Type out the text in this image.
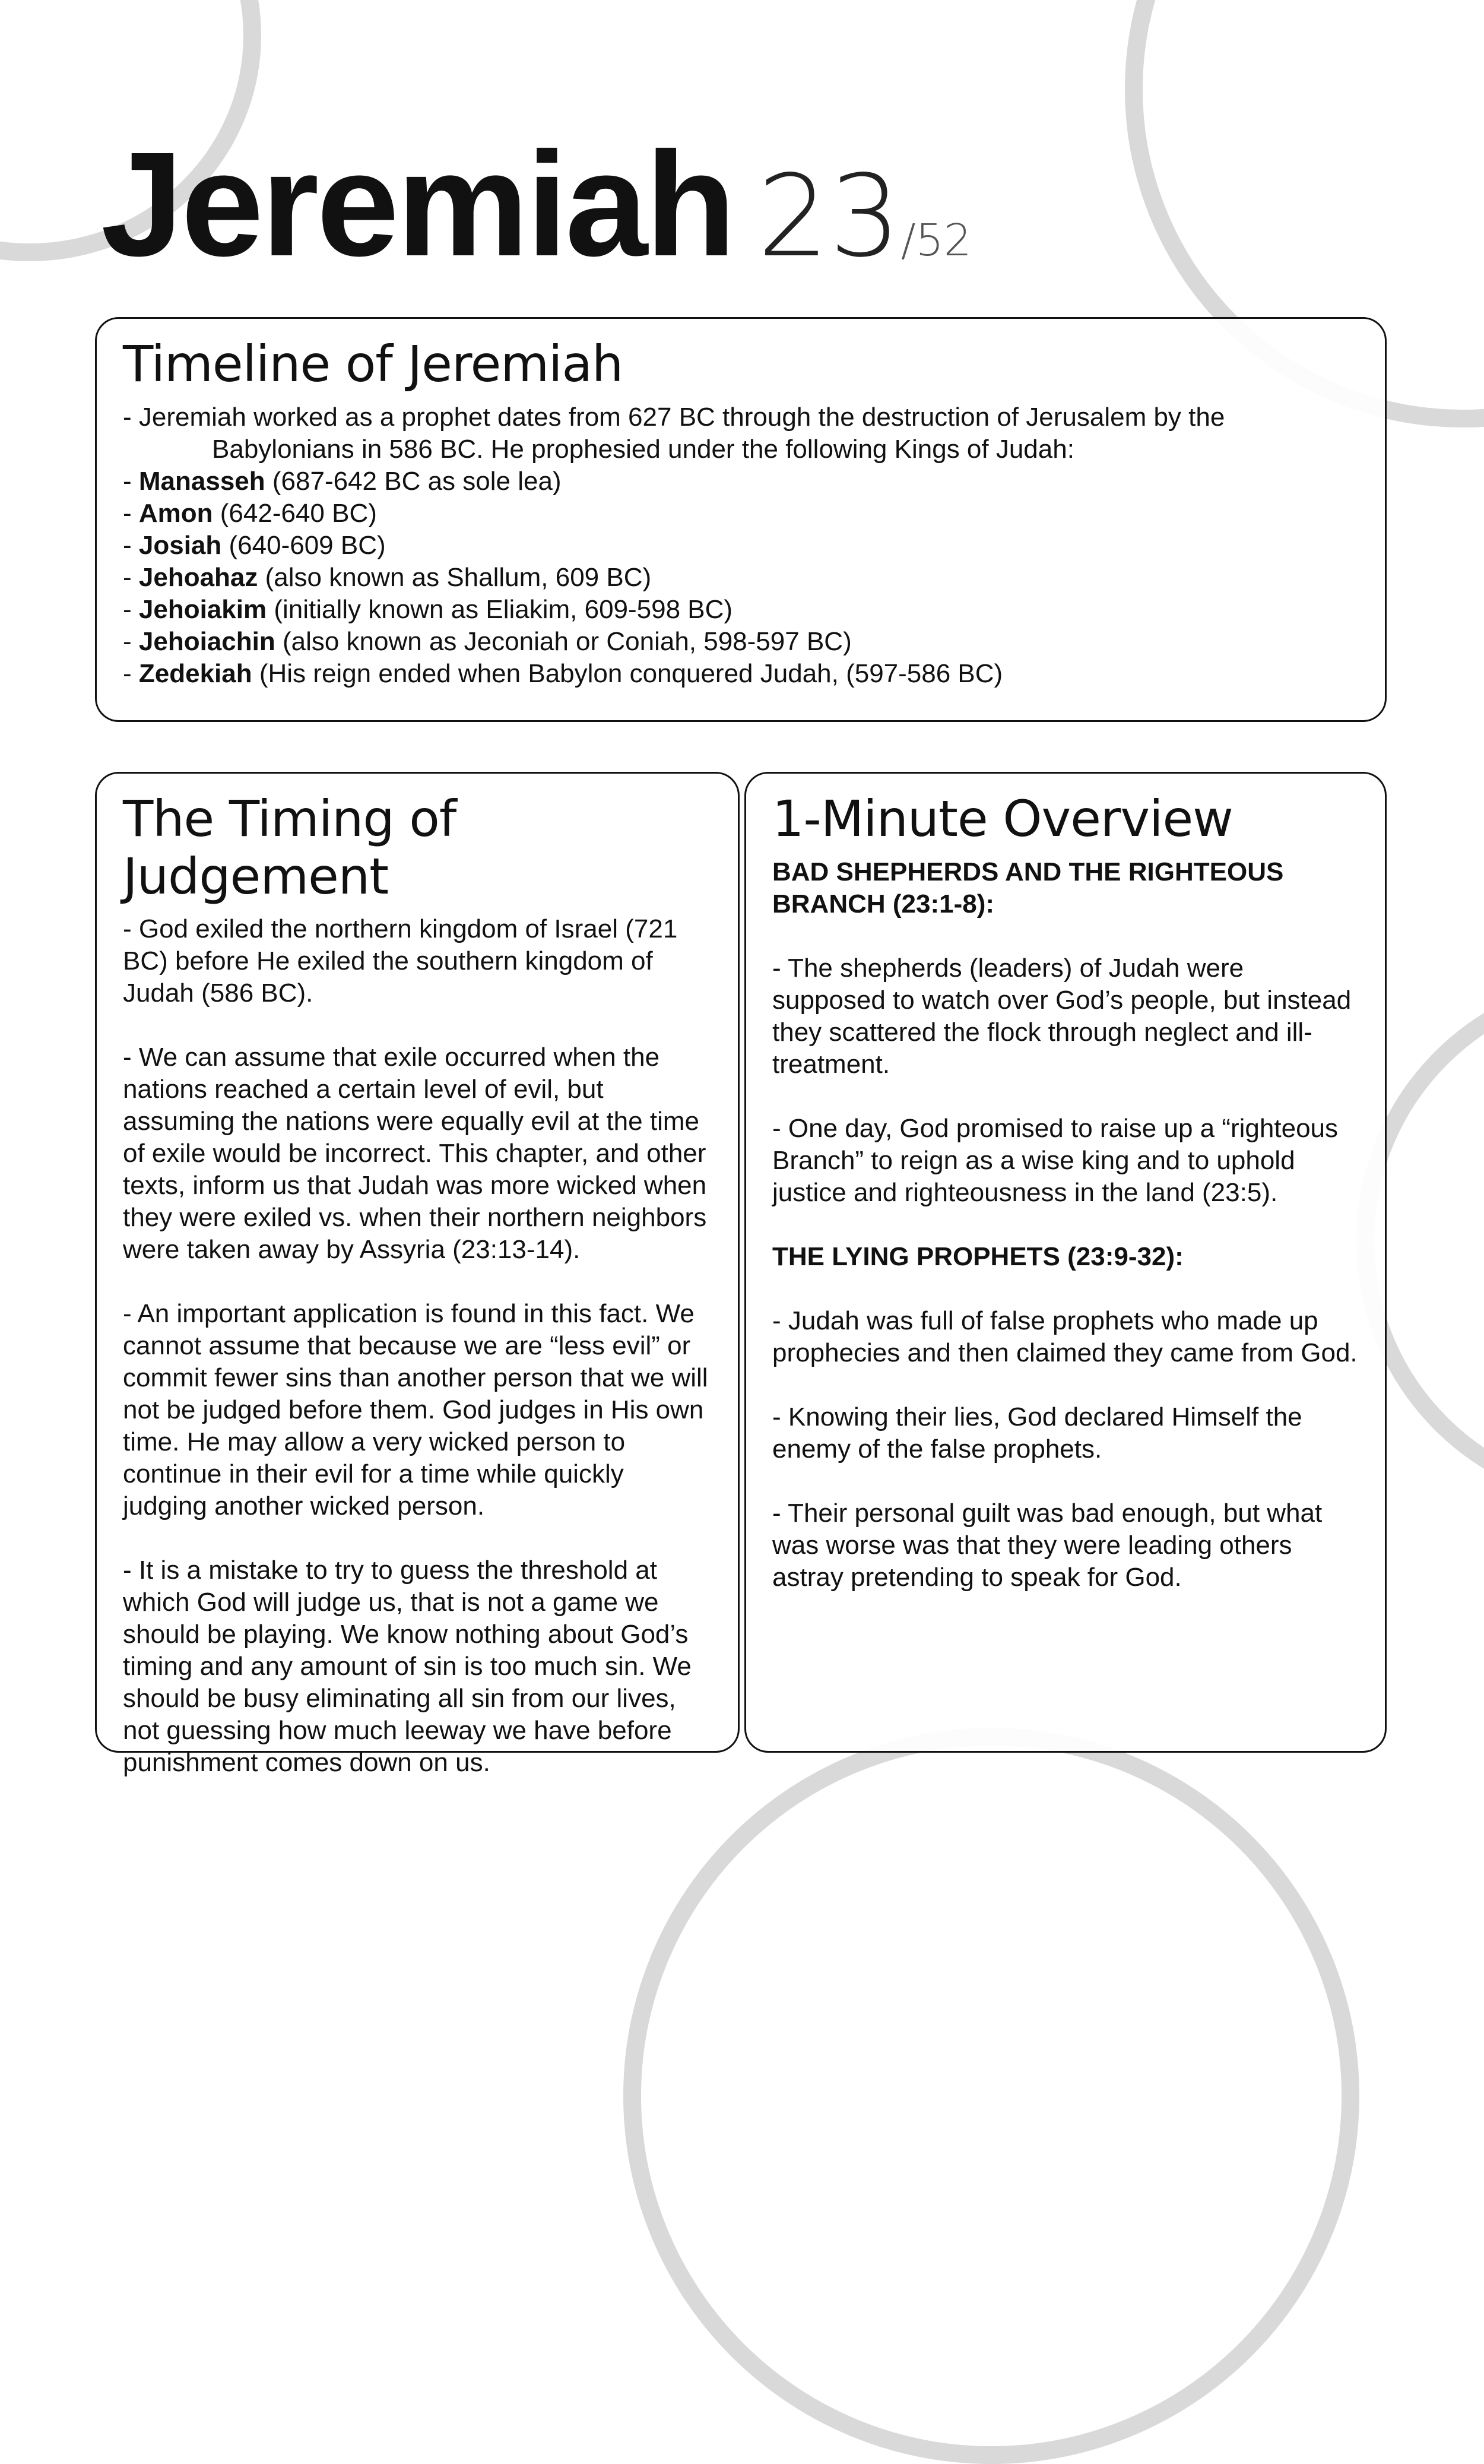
Jeremiah 23/52
Timeline of Jeremiah

- Jeremiah worked as a prophet dates from 627 BC through the destruction of Jerusalem by the

Babylonians in 586 BC. He prophesied under the following Kings of Judah:

- Manasseh (687-642 BC as sole lea)

- Amon (642-640 BC)

- Josiah (640-609 BC)

- Jehoahaz (also known as Shallum, 609 BC)

- Jehoiakim (initially known as Eliakim, 609-598 BC)

- Jehoiachin (also known as Jeconiah or Coniah, 598-597 BC)

- Zedekiah (His reign ended when Babylon conquered Judah, (597-586 BC)

The Timing of Judgement

- God exiled the northern kingdom of Israel (721 BC) before He exiled the southern kingdom of Judah (586 BC).

- We can assume that exile occurred when the nations reached a certain level of evil, but assuming the nations were equally evil at the time of exile would be incorrect. This chapter, and other texts, inform us that Judah was more wicked when they were exiled vs. when their northern neighbors were taken away by Assyria (23:13-14).

- An important application is found in this fact. We cannot assume that because we are “less evil” or commit fewer sins than another person that we will not be judged before them. God judges in His own time. He may allow a very wicked person to continue in their evil for a time while quickly judging another wicked person.

- It is a mistake to try to guess the threshold at which God will judge us, that is not a game we should be playing. We know nothing about God’s timing and any amount of sin is too much sin. We should be busy eliminating all sin from our lives, not guessing how much leeway we have before punishment comes down on us.

1-Minute Overview

BAD SHEPHERDS AND THE RIGHTEOUS BRANCH (23:1-8):

- The shepherds (leaders) of Judah were supposed to watch over God’s people, but instead they scattered the flock through neglect and ill-treatment.

- One day, God promised to raise up a “righteous Branch” to reign as a wise king and to uphold justice and righteousness in the land (23:5).

THE LYING PROPHETS (23:9-32):

- Judah was full of false prophets who made up prophecies and then claimed they came from God.

- Knowing their lies, God declared Himself the enemy of the false prophets.

- Their personal guilt was bad enough, but what was worse was that they were leading others astray pretending to speak for God.
